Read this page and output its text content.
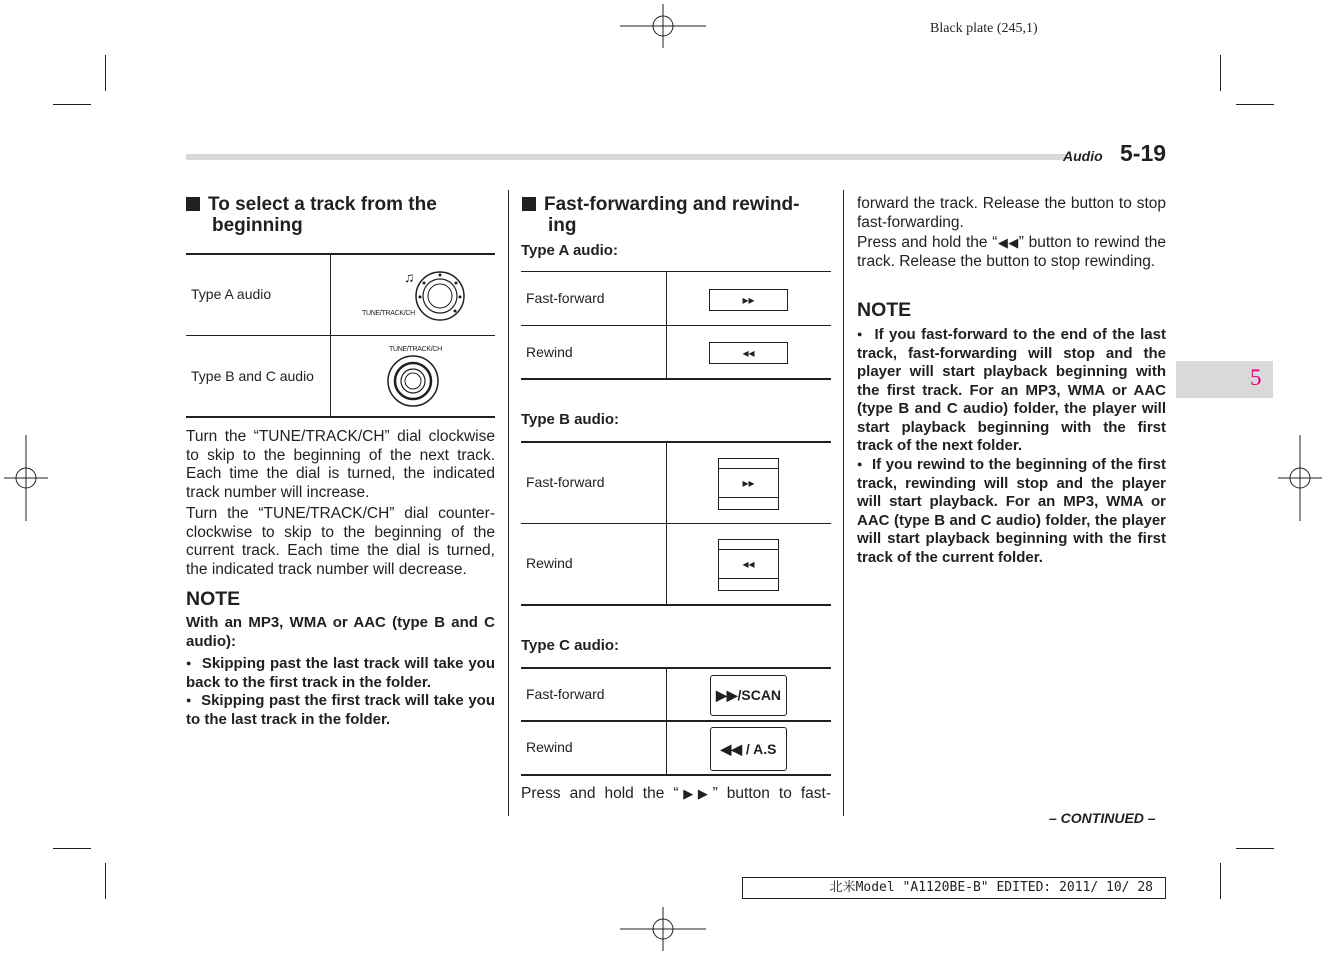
Black plate (245,1)
Audio 5-19
5
To select a track from the
beginning
Type A audio
Type B and C audio
♫
TUNE/TRACK/CH
TUNE/TRACK/CH
Turn the “TUNE/TRACK/CH” dial clockwise to skip to the beginning of the next track. Each time the dial is turned, the indicated track number will increase.
Turn the “TUNE/TRACK/CH” dial counter-clockwise to skip to the beginning of the current track. Each time the dial is turned, the indicated track number will decrease.
NOTE
With an MP3, WMA or AAC (type B and C audio):
● Skipping past the last track will take you back to the first track in the folder.
● Skipping past the first track will take you to the last track in the folder.
Fast-forwarding and rewind-
ing
Type A audio:
Fast-forward
Rewind
▸▸
◂◂
Type B audio:
Fast-forward
Rewind
▸▸
◂◂
Type C audio:
Fast-forward
Rewind
▶▶/SCAN
◀◀ / A.S
Press and hold the “▶▶” button to fast-
forward the track. Release the button to stop fast-forwarding.
Press and hold the “◀◀” button to rewind the track. Release the button to stop rewinding.
NOTE
● If you fast-forward to the end of the last track, fast-forwarding will stop and the player will start playback beginning with the first track. For an MP3, WMA or AAC (type B and C audio) folder, the player will start playback beginning with the first track of the next folder.
● If you rewind to the beginning of the first track, rewinding will stop and the player will start playback. For an MP3, WMA or AAC (type B and C audio) folder, the player will start playback beginning with the first track of the current folder.
– CONTINUED –
北米Model "A1120BE-B" EDITED: 2011/ 10/ 28
